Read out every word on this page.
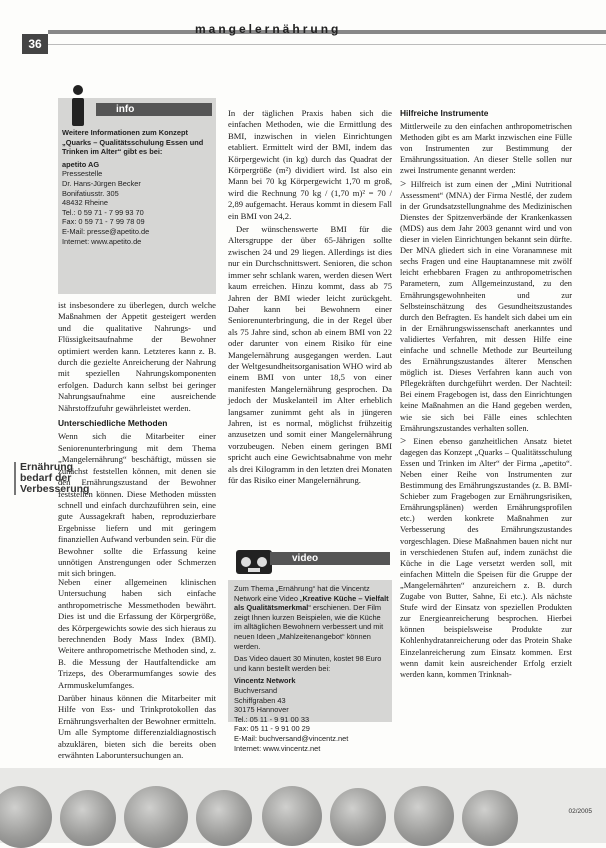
36
mangelernährung
info
Weitere Informationen zum Konzept „Quarks – Qualitätsschulung Essen und Trinken im Alter“ gibt es bei:
apetito AG
Pressestelle
Dr. Hans-Jürgen Becker
Bonifatiusstr. 305
48432 Rheine
Tel.: 0 59 71 - 7 99 93 70
Fax: 0 59 71 - 7 99 78 09
E-Mail: presse@apetito.de
Internet: www.apetito.de

ist insbesondere zu überlegen, durch welche Maßnahmen der Appetit gesteigert werden und die qualitative Nahrungs- und Flüssigkeitsaufnahme der Bewohner optimiert werden kann. Letzteres kann z. B. durch die gezielte Anreicherung der Nahrung mit speziellen Nahrungskomponenten erfolgen. Dadurch kann selbst bei geringer Nahrungsaufnahme eine ausreichende Nährstoffzufuhr gewährleistet werden.

Unterschiedliche Methoden

Wenn sich die Mitarbeiter einer Seniorenunterbringung mit dem Thema „Mangelernährung“ beschäftigt, müssen sie zunächst feststellen können, mit denen sie den Ernährungszustand der Bewohner feststellen können. Diese Methoden müssten schnell und einfach durchzuführen sein, eine gute Aussagekraft haben, reproduzierbare Ergebnisse liefern und mit geringem finanziellen Aufwand verbunden sein. Für die Bewohner sollte die Erfassung keine unnötigen Anstrengungen oder Schmerzen mit sich bringen.

Neben einer allgemeinen klinischen Untersuchung haben sich einfache anthropometrische Messmethoden bewährt. Dies ist und die Erfassung der Körpergröße, des Körpergewichts sowie des sich hieraus zu berechnenden Body Mass Index (BMI). Weitere anthropometrische Methoden sind, z. B. die Messung der Hautfaltendicke am Trizeps, des Oberarmumfanges sowie des Armmuskelumfanges.

Darüber hinaus können die Mitarbeiter mit Hilfe von Ess- und Trinkprotokollen das Ernährungsverhalten der Bewohner ermitteln. Um alle Symptome differenzialdiagnostisch abzuklären, bieten sich die bereits oben erwähnten Laboruntersuchungen an.

Ernährung bedarf der Verbesserung

In der täglichen Praxis haben sich die einfachen Methoden, wie die Ermittlung des BMI, inzwischen in vielen Einrichtungen etabliert. Ermittelt wird der BMI, indem das Körpergewicht (in kg) durch das Quadrat der Körpergröße (m²) dividiert wird. Ist also ein Mann bei 70 kg Körpergewicht 1,70 m groß, wird die Rechnung 70 kg / (1,70 m)² = 70 / 2,89 aufgemacht. Heraus kommt in diesem Fall ein BMI von 24,2.

Der wünschenswerte BMI für die Altersgruppe der über 65-Jährigen sollte zwischen 24 und 29 liegen. Allerdings ist dies nur ein Durchschnittswert. Senioren, die schon immer sehr schlank waren, werden diesen Wert kaum erreichen. Hinzu kommt, dass ab 75 Jahren der BMI wieder leicht zurückgeht. Daher kann bei Bewohnern einer Seniorenunterbringung, die in der Regel über als 75 Jahre sind, schon ab einem BMI von 22 oder darunter von einem Risiko für eine Mangelernährung ausgegangen werden. Laut der Weltgesundheitsorganisation WHO wird ab einem BMI von unter 18,5 von einer manifesten Mangelernährung gesprochen. Da jedoch der Muskelanteil im Alter erheblich langsamer zunimmt geht als in jüngeren Jahren, ist es normal, möglichst frühzeitig anzusetzen und somit einer Mangelernährung vorzubeugen. Neben einem geringen BMI spricht auch eine Gewichtsabnahme von mehr als drei Kilogramm in den letzten drei Monaten für das Risiko einer Mangelernährung.

video
Zum Thema „Ernährung“ hat die Vincentz Network eine Video „Kreative Küche – Vielfalt als Qualitätsmerkmal“ erschienen. Der Film zeigt Ihnen kurzen Beispielen, wie die Küche im alltäglichen Bewohnern verbessert und mit neuen Ideen „Mahlzeitenangebot“ können werden.
Das Video dauert 30 Minuten, kostet 98 Euro und kann bestellt werden bei:
Vincentz Network
Buchversand
Schiffgraben 43
30175 Hannover
Tel.: 05 11 - 9 91 00 33
Fax: 05 11 - 9 91 00 29
E-Mail: buchversand@vincentz.net
Internet: www.vincentz.net
Hilfreiche Instrumente

Mittlerweile zu den einfachen anthropometrischen Methoden gibt es am Markt inzwischen eine Fülle von Instrumenten zur Bestimmung der Ernährungssituation. An dieser Stelle sollen nur zwei Instrumente genannt werden:

> Hilfreich ist zum einen der „Mini Nutritional Assessment“ (MNA) der Firma Nestlé, der zudem in der Grundsatzstellungnahme des Medizinischen Dienstes der Spitzenverbände der Krankenkassen (MDS) aus dem Jahr 2003 genannt wird und von dieser in vielen Einrichtungen bekannt sein dürfte. Der MNA gliedert sich in eine Voranamnese mit sechs Fragen und eine Hauptanamnese mit zwölf leicht erhebbaren Fragen zu anthropometrischen Parametern, zum Allgemeinzustand, zu den Ernährungsgewohnheiten und zur Selbsteinschätzung des Gesundheitszustandes durch den Befragten. Es handelt sich dabei um ein in der Ernährungswissenschaft anerkanntes und validiertes Verfahren, mit dessen Hilfe eine einfache und schnelle Methode zur Beurteilung des Ernährungszustandes älterer Menschen möglich ist. Dieses Verfahren kann auch von Pflegekräften durchgeführt werden. Der Nachteil: Bei einem Fragebogen ist, dass den Einrichtungen keine Maßnahmen an die Hand gegeben werden, wie sie sich bei Fälle eines schlechten Ernährungszustandes verhalten sollen.

> Einen ebenso ganzheitlichen Ansatz bietet dagegen das Konzept „Quarks – Qualitätsschulung Essen und Trinken im Alter“ der Firma „apetito“. Neben einer Reihe von Instrumenten zur Bestimmung des Ernährungszustandes (z. B. BMI-Schieber zum Fragebogen zur Ernährungsrisiken, Ernährungsplänen) werden Ernährungsprofilen etc.) werden konkrete Maßnahmen zur Verbesserung des Ernährungszustandes vorgeschlagen. Diese Maßnahmen bauen nicht nur in verschiedenen Stufen auf, indem zunächst die Küche in die Lage versetzt werden soll, mit einfachen Mitteln die Speisen für die Gruppe der „Mangelernährten“ anzureichern z. B. durch Zugabe von Butter, Sahne, Ei etc.). Als nächste Stufe wird der Einsatz von speziellen Produkten zur Energieanreicherung besprochen. Hierbei können beispielsweise Produkte zur Kohlenhydratanreicherung oder das Protein Shake Einzelanreicherung zum Einsatz kommen. Erst wenn damit kein ausreichender Erfolg erzielt werden kann, kommen Trinknah-

02/2005
